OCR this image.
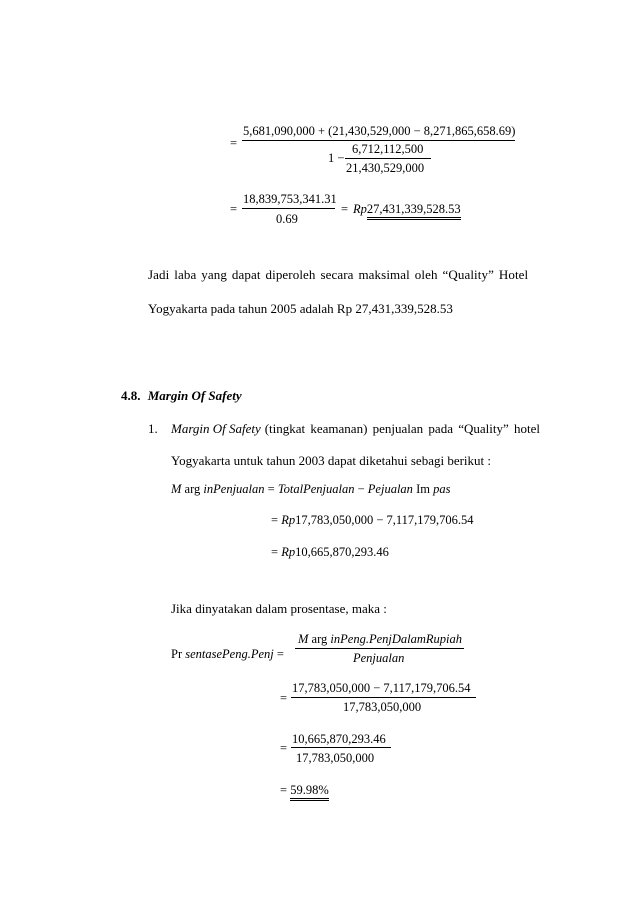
=
5,681,090,000 + (21,430,529,000 − 8,271,865,658.69)
1 −
6,712,112,500
21,430,529,000
=
18,839,753,341.31
0.69
= Rp27,431,339,528.53
Jadi laba yang dapat diperoleh secara maksimal oleh “Quality” Hotel
Yogyakarta pada tahun 2005 adalah Rp 27,431,339,528.53
4.8. Margin Of Safety
1. Margin Of Safety (tingkat keamanan) penjualan pada “Quality” hotel
Yogyakarta untuk tahun 2003 dapat diketahui sebagi berikut :
M arg inPenjualan = TotalPenjualan − Pejualan Im pas
= Rp17,783,050,000 − 7,117,179,706.54
= Rp10,665,870,293.46
Jika dinyatakan dalam prosentase, maka :
Pr sentasePeng.Penj =
M arg inPeng.PenjDalamRupiah
Penjualan
=
17,783,050,000 − 7,117,179,706.54
17,783,050,000
=
10,665,870,293.46
17,783,050,000
= 59.98%
